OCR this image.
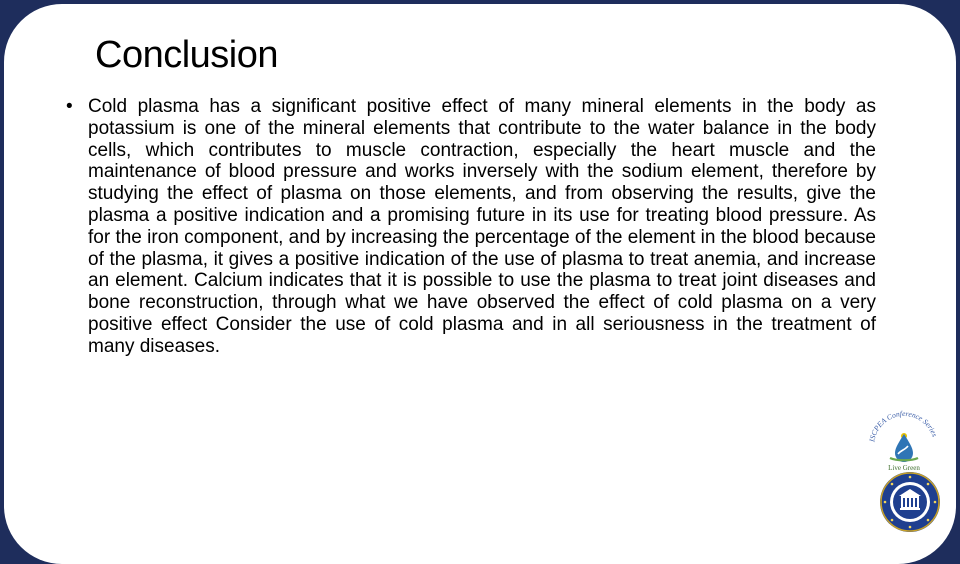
Conclusion
• Cold plasma has a significant positive effect of many mineral elements in the body as potassium is one of the mineral elements that contribute to the water balance in the body cells, which contributes to muscle contraction, especially the heart muscle and the maintenance of blood pressure and works inversely with the sodium element, therefore by studying the effect of plasma on those elements, and from observing the results, give the plasma a positive indication and a promising future in its use for treating blood pressure. As for the iron component, and by increasing the percentage of the element in the blood because of the plasma, it gives a positive indication of the use of plasma to treat anemia, and increase an element. Calcium indicates that it is possible to use the plasma to treat joint diseases and bone reconstruction, through what we have observed the effect of cold plasma on a very positive effect Consider the use of cold plasma and in all seriousness in the treatment of many diseases.

ISCPEA Conference Series
Live Green
